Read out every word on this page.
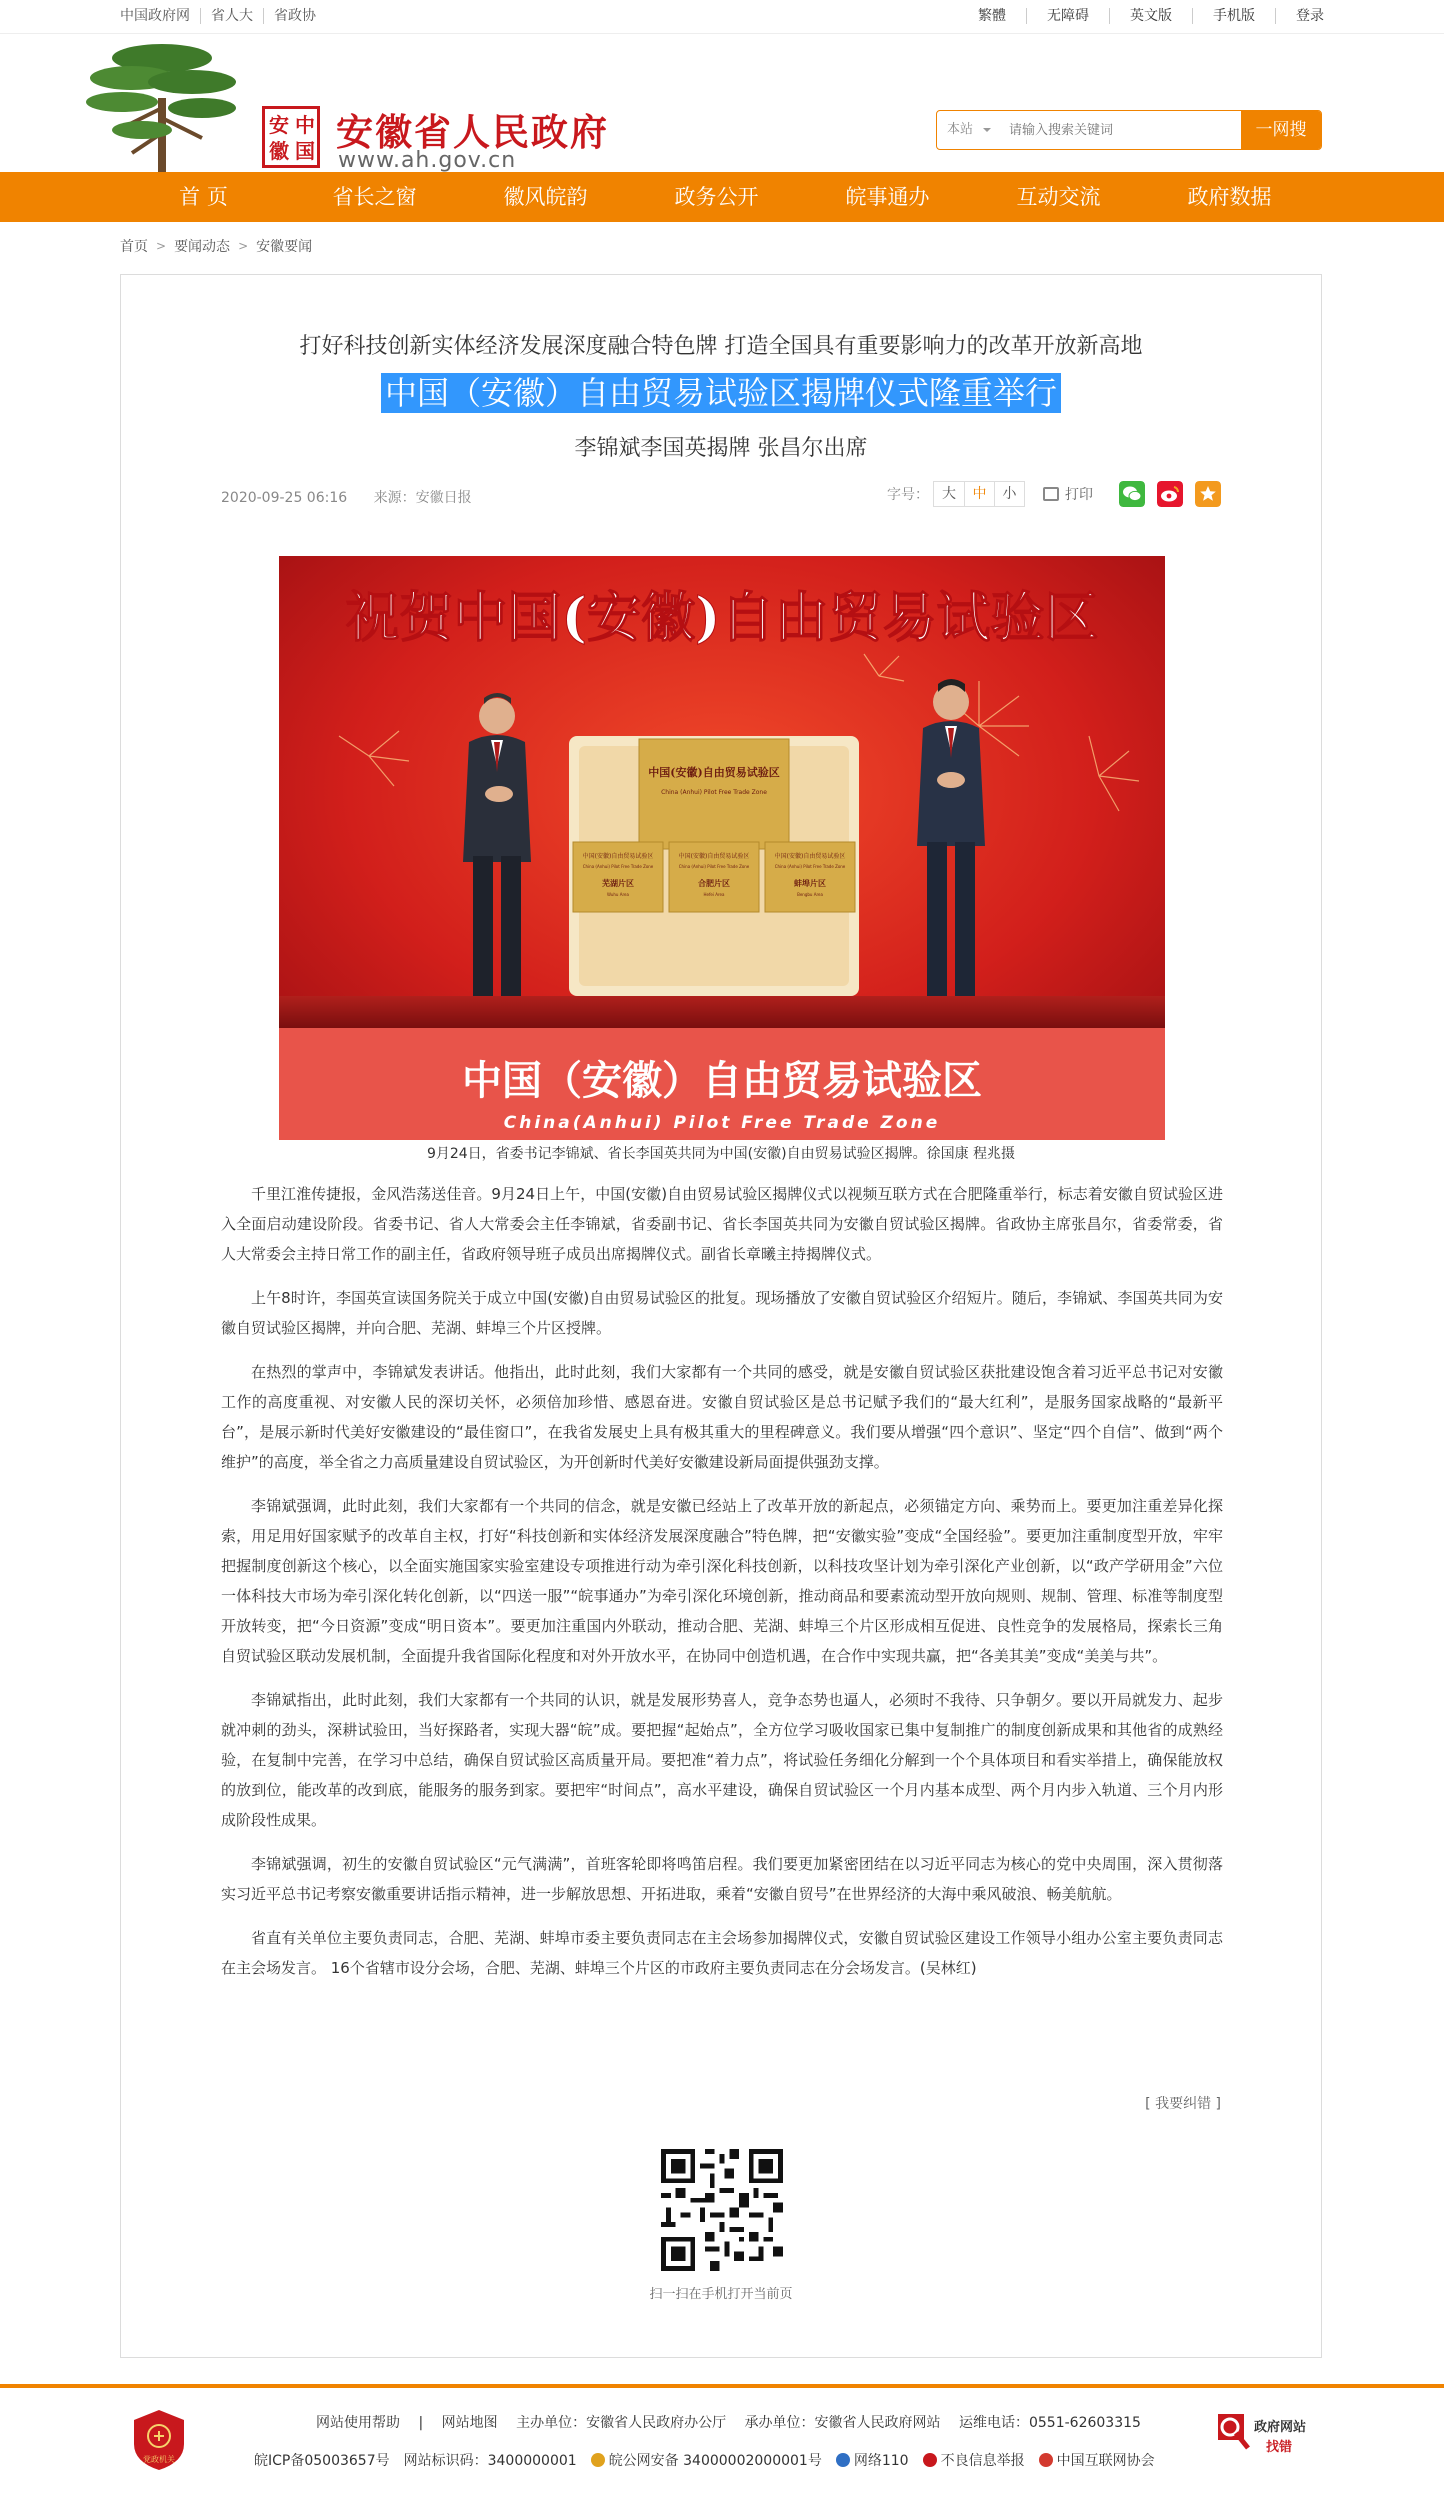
中国政府网	省人大	省政协	繁體	无障碍	英文版	手机版	登录
安 中
徽 国 安徽省人民政府
www.ah.gov.cn
本站
请输入搜索关键词	一网搜
首 页	省长之窗	徽风皖韵	政务公开	皖事通办	互动交流	政府数据
首页 > 要闻动态 > 安徽要闻
打好科技创新实体经济发展深度融合特色牌 打造全国具有重要影响力的改革开放新高地
中国（安徽）自由贸易试验区揭牌仪式隆重举行
李锦斌李国英揭牌 张昌尔出席
2020-09-25 06:16 来源：安徽日报	字号： 大	中	小	打印
祝贺中国(安徽)自由贸易试验区
中国（安徽）自由贸易试验区
China(Anhui) Pilot Free Trade Zone
中国(安徽)自由贸易试验区
China (Anhui) Pilot Free Trade Zone
中国(安徽)自由贸易试验区	中国(安徽)自由贸易试验区	中国(安徽)自由贸易试验区
China (Anhui) Pilot Free Trade Zone	China (Anhui) Pilot Free Trade Zone	China (Anhui) Pilot Free Trade Zone
芜湖片区	合肥片区	蚌埠片区
Wuhu Area	Hefei Area	Bengbu Area
9月24日，省委书记李锦斌、省长李国英共同为中国(安徽)自由贸易试验区揭牌。徐国康 程兆摄

千里江淮传捷报，金风浩荡送佳音。9月24日上午，中国(安徽)自由贸易试验区揭牌仪式以视频互联方式在合肥隆重举行，标志着安徽自贸试验区进入全面启动建设阶段。省委书记、省人大常委会主任李锦斌，省委副书记、省长李国英共同为安徽自贸试验区揭牌。省政协主席张昌尔，省委常委，省人大常委会主持日常工作的副主任，省政府领导班子成员出席揭牌仪式。副省长章曦主持揭牌仪式。

上午8时许，李国英宣读国务院关于成立中国(安徽)自由贸易试验区的批复。现场播放了安徽自贸试验区介绍短片。随后，李锦斌、李国英共同为安徽自贸试验区揭牌，并向合肥、芜湖、蚌埠三个片区授牌。

在热烈的掌声中，李锦斌发表讲话。他指出，此时此刻，我们大家都有一个共同的感受，就是安徽自贸试验区获批建设饱含着习近平总书记对安徽工作的高度重视、对安徽人民的深切关怀，必须倍加珍惜、感恩奋进。安徽自贸试验区是总书记赋予我们的“最大红利”，是服务国家战略的“最新平台”，是展示新时代美好安徽建设的“最佳窗口”，在我省发展史上具有极其重大的里程碑意义。我们要从增强“四个意识”、坚定“四个自信”、做到“两个维护”的高度，举全省之力高质量建设自贸试验区，为开创新时代美好安徽建设新局面提供强劲支撑。

李锦斌强调，此时此刻，我们大家都有一个共同的信念，就是安徽已经站上了改革开放的新起点，必须锚定方向、乘势而上。要更加注重差异化探索，用足用好国家赋予的改革自主权，打好“科技创新和实体经济发展深度融合”特色牌，把“安徽实验”变成“全国经验”。要更加注重制度型开放，牢牢把握制度创新这个核心，以全面实施国家实验室建设专项推进行动为牵引深化科技创新，以科技攻坚计划为牵引深化产业创新，以“政产学研用金”六位一体科技大市场为牵引深化转化创新，以“四送一服”“皖事通办”为牵引深化环境创新，推动商品和要素流动型开放向规则、规制、管理、标准等制度型开放转变，把“今日资源”变成“明日资本”。要更加注重国内外联动，推动合肥、芜湖、蚌埠三个片区形成相互促进、良性竞争的发展格局，探索长三角自贸试验区联动发展机制，全面提升我省国际化程度和对外开放水平，在协同中创造机遇，在合作中实现共赢，把“各美其美”变成“美美与共”。

李锦斌指出，此时此刻，我们大家都有一个共同的认识，就是发展形势喜人，竞争态势也逼人，必须时不我待、只争朝夕。要以开局就发力、起步就冲刺的劲头，深耕试验田，当好探路者，实现大器“皖”成。要把握“起始点”，全方位学习吸收国家已集中复制推广的制度创新成果和其他省的成熟经验，在复制中完善，在学习中总结，确保自贸试验区高质量开局。要把准“着力点”，将试验任务细化分解到一个个具体项目和看实举措上，确保能放权的放到位，能改革的改到底，能服务的服务到家。要把牢“时间点”，高水平建设，确保自贸试验区一个月内基本成型、两个月内步入轨道、三个月内形成阶段性成果。

李锦斌强调，初生的安徽自贸试验区“元气满满”，首班客轮即将鸣笛启程。我们要更加紧密团结在以习近平同志为核心的党中央周围，深入贯彻落实习近平总书记考察安徽重要讲话指示精神，进一步解放思想、开拓进取，乘着“安徽自贸号”在世界经济的大海中乘风破浪、畅美航航。

省直有关单位主要负责同志，合肥、芜湖、蚌埠市委主要负责同志在主会场参加揭牌仪式，安徽自贸试验区建设工作领导小组办公室主要负责同志在主会场发言。 16个省辖市设分会场，合肥、芜湖、蚌埠三个片区的市政府主要负责同志在分会场发言。(吴林红)

[ 我要纠错 ]
扫一扫在手机打开当前页
党政机关
网站使用帮助 | 网站地图 主办单位：安徽省人民政府办公厅 承办单位：安徽省人民政府网站 运维电话：0551-62603315
皖ICP备05003657号 网站标识码：3400000001	皖公网安备 34000002000001号	网络110	不良信息举报	中国互联网协会
政府网站
找错
